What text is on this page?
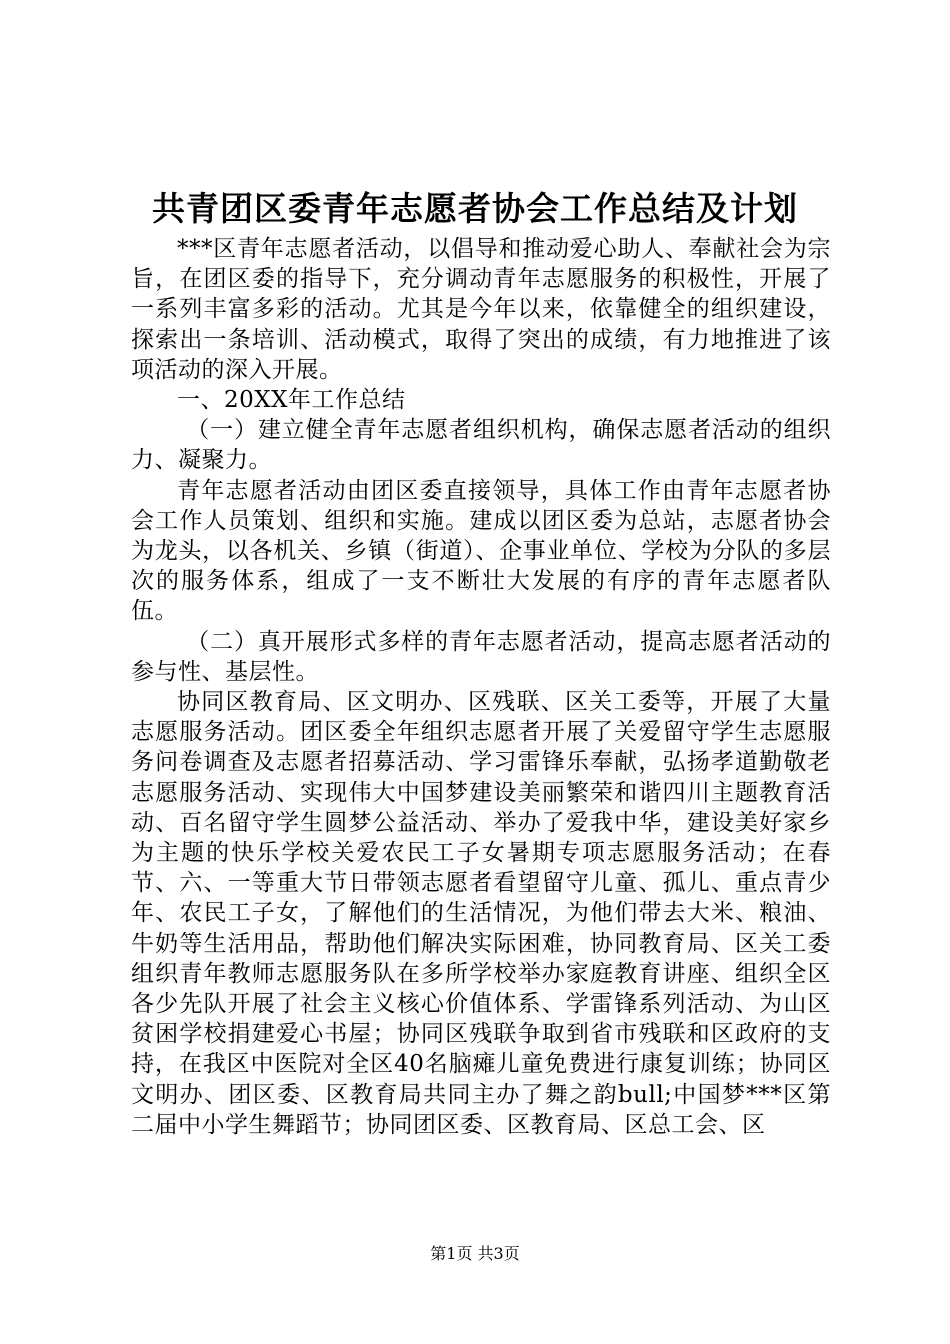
共青团区委青年志愿者协会工作总结及计划

***区青年志愿者活动，以倡导和推动爱心助人、奉献社会为宗旨，在团区委的指导下，充分调动青年志愿服务的积极性，开展了一系列丰富多彩的活动。尤其是今年以来，依靠健全的组织建设，探索出一条培训、活动模式，取得了突出的成绩，有力地推进了该项活动的深入开展。

一、20XX年工作总结

（一）建立健全青年志愿者组织机构，确保志愿者活动的组织力、凝聚力。

青年志愿者活动由团区委直接领导，具体工作由青年志愿者协会工作人员策划、组织和实施。建成以团区委为总站，志愿者协会为龙头，以各机关、乡镇（街道）、企事业单位、学校为分队的多层次的服务体系，组成了一支不断壮大发展的有序的青年志愿者队伍。

（二）真开展形式多样的青年志愿者活动，提高志愿者活动的参与性、基层性。

协同区教育局、区文明办、区残联、区关工委等，开展了大量志愿服务活动。团区委全年组织志愿者开展了关爱留守学生志愿服务问卷调查及志愿者招募活动、学习雷锋乐奉献，弘扬孝道勤敬老志愿服务活动、实现伟大中国梦建设美丽繁荣和谐四川主题教育活动、百名留守学生圆梦公益活动、举办了爱我中华，建设美好家乡为主题的快乐学校关爱农民工子女暑期专项志愿服务活动；在春节、六、一等重大节日带领志愿者看望留守儿童、孤儿、重点青少年、农民工子女，了解他们的生活情况，为他们带去大米、粮油、牛奶等生活用品，帮助他们解决实际困难，协同教育局、区关工委组织青年教师志愿服务队在多所学校举办家庭教育讲座、组织全区各少先队开展了社会主义核心价值体系、学雷锋系列活动、为山区贫困学校捐建爱心书屋；协同区残联争取到省市残联和区政府的支持，在我区中医院对全区40名脑瘫儿童免费进行康复训练；协同区文明办、团区委、区教育局共同主办了舞之韵bull;中国梦***区第二届中小学生舞蹈节；协同团区委、区教育局、区总工会、区

第1页 共3页
